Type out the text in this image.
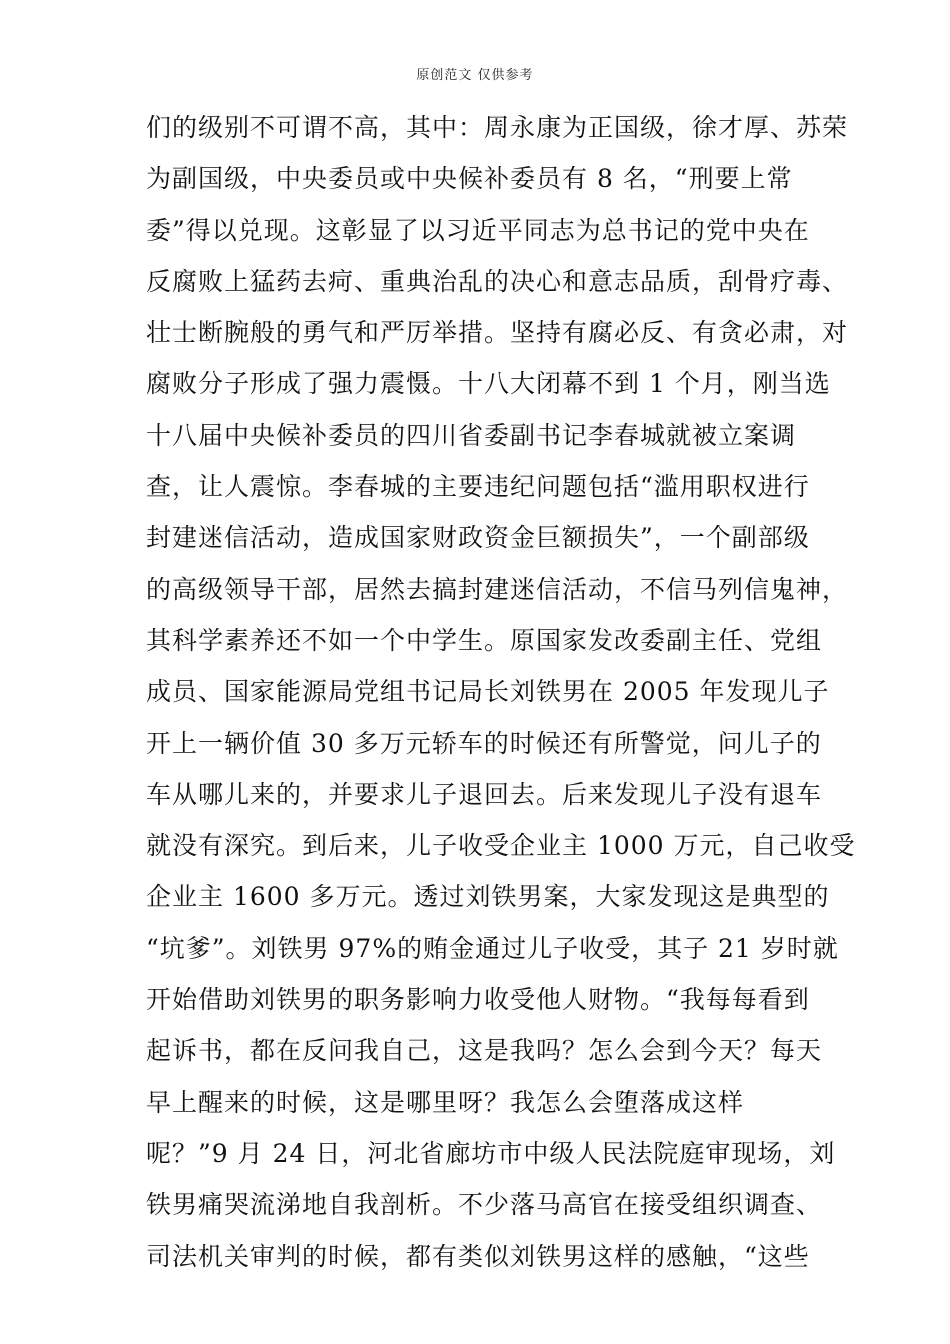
原创范文 仅供参考
们的级别不可谓不高，其中：周永康为正国级，徐才厚、苏荣
为副国级，中央委员或中央候补委员有 8 名，“刑要上常
委”得以兑现。这彰显了以习近平同志为总书记的党中央在
反腐败上猛药去疴、重典治乱的决心和意志品质，刮骨疗毒、
壮士断腕般的勇气和严厉举措。坚持有腐必反、有贪必肃，对
腐败分子形成了强力震慑。十八大闭幕不到 1 个月，刚当选
十八届中央候补委员的四川省委副书记李春城就被立案调
查，让人震惊。李春城的主要违纪问题包括“滥用职权进行
封建迷信活动，造成国家财政资金巨额损失”，一个副部级
的高级领导干部，居然去搞封建迷信活动，不信马列信鬼神，
其科学素养还不如一个中学生。原国家发改委副主任、党组
成员、国家能源局党组书记局长刘铁男在 2005 年发现儿子
开上一辆价值 30 多万元轿车的时候还有所警觉，问儿子的
车从哪儿来的，并要求儿子退回去。后来发现儿子没有退车
就没有深究。到后来，儿子收受企业主 1000 万元，自己收受
企业主 1600 多万元。透过刘铁男案，大家发现这是典型的
“坑爹”。刘铁男 97%的贿金通过儿子收受，其子 21 岁时就
开始借助刘铁男的职务影响力收受他人财物。“我每每看到
起诉书，都在反问我自己，这是我吗？怎么会到今天？每天
早上醒来的时候，这是哪里呀？我怎么会堕落成这样
呢？”9 月 24 日，河北省廊坊市中级人民法院庭审现场，刘
铁男痛哭流涕地自我剖析。不少落马高官在接受组织调查、
司法机关审判的时候，都有类似刘铁男这样的感触，“这些
